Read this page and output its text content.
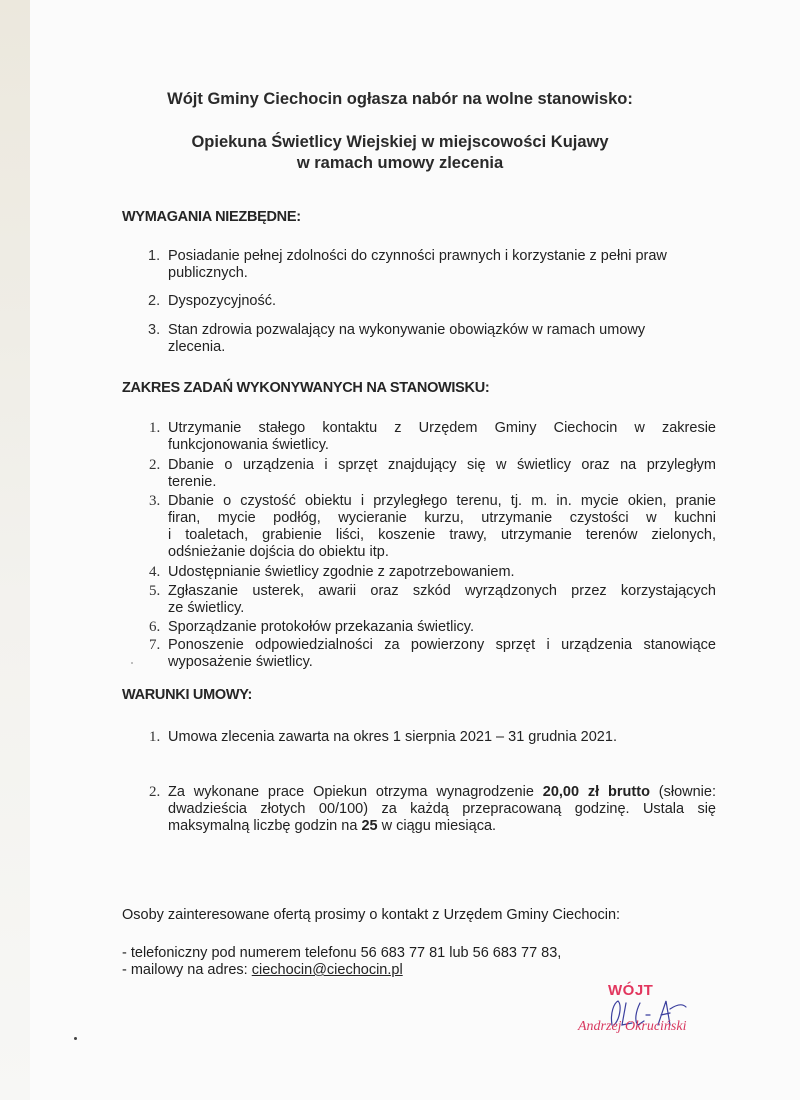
Wójt Gminy Ciechocin ogłasza nabór na wolne stanowisko:
Opiekuna Świetlicy Wiejskiej w miejscowości Kujawy
w ramach umowy zlecenia
WYMAGANIA NIEZBĘDNE:
1. Posiadanie pełnej zdolności do czynności prawnych i korzystanie z pełni praw
publicznych.
2. Dyspozycyjność.
3. Stan zdrowia pozwalający na wykonywanie obowiązków w ramach umowy
zlecenia.
ZAKRES ZADAŃ WYKONYWANYCH NA STANOWISKU:
1. Utrzymanie stałego kontaktu z Urzędem Gminy Ciechocin w zakresie
funkcjonowania świetlicy.
2. Dbanie o urządzenia i sprzęt znajdujący się w świetlicy oraz na przyległym
terenie.
3. Dbanie o czystość obiektu i przyległego terenu, tj. m. in. mycie okien, pranie
firan, mycie podłóg, wycieranie kurzu, utrzymanie czystości w kuchni
i toaletach, grabienie liści, koszenie trawy, utrzymanie terenów zielonych,
odśnieżanie dojścia do obiektu itp.
4. Udostępnianie świetlicy zgodnie z zapotrzebowaniem.
5. Zgłaszanie usterek, awarii oraz szkód wyrządzonych przez korzystających
ze świetlicy.
6. Sporządzanie protokołów przekazania świetlicy.
7. Ponoszenie odpowiedzialności za powierzony sprzęt i urządzenia stanowiące
wyposażenie świetlicy.
WARUNKI UMOWY:
1. Umowa zlecenia zawarta na okres 1 sierpnia 2021 – 31 grudnia 2021.
2. Za wykonane prace Opiekun otrzyma wynagrodzenie 20,00 zł brutto (słownie:
dwadzieścia złotych 00/100) za każdą przepracowaną godzinę. Ustala się
maksymalną liczbę godzin na 25 w ciągu miesiąca.
Osoby zainteresowane ofertą prosimy o kontakt z Urzędem Gminy Ciechocin:
- telefoniczny pod numerem telefonu 56 683 77 81 lub 56 683 77 83,
- mailowy na adres: ciechocin@ciechocin.pl
WÓJT
Andrzej Okruciński
